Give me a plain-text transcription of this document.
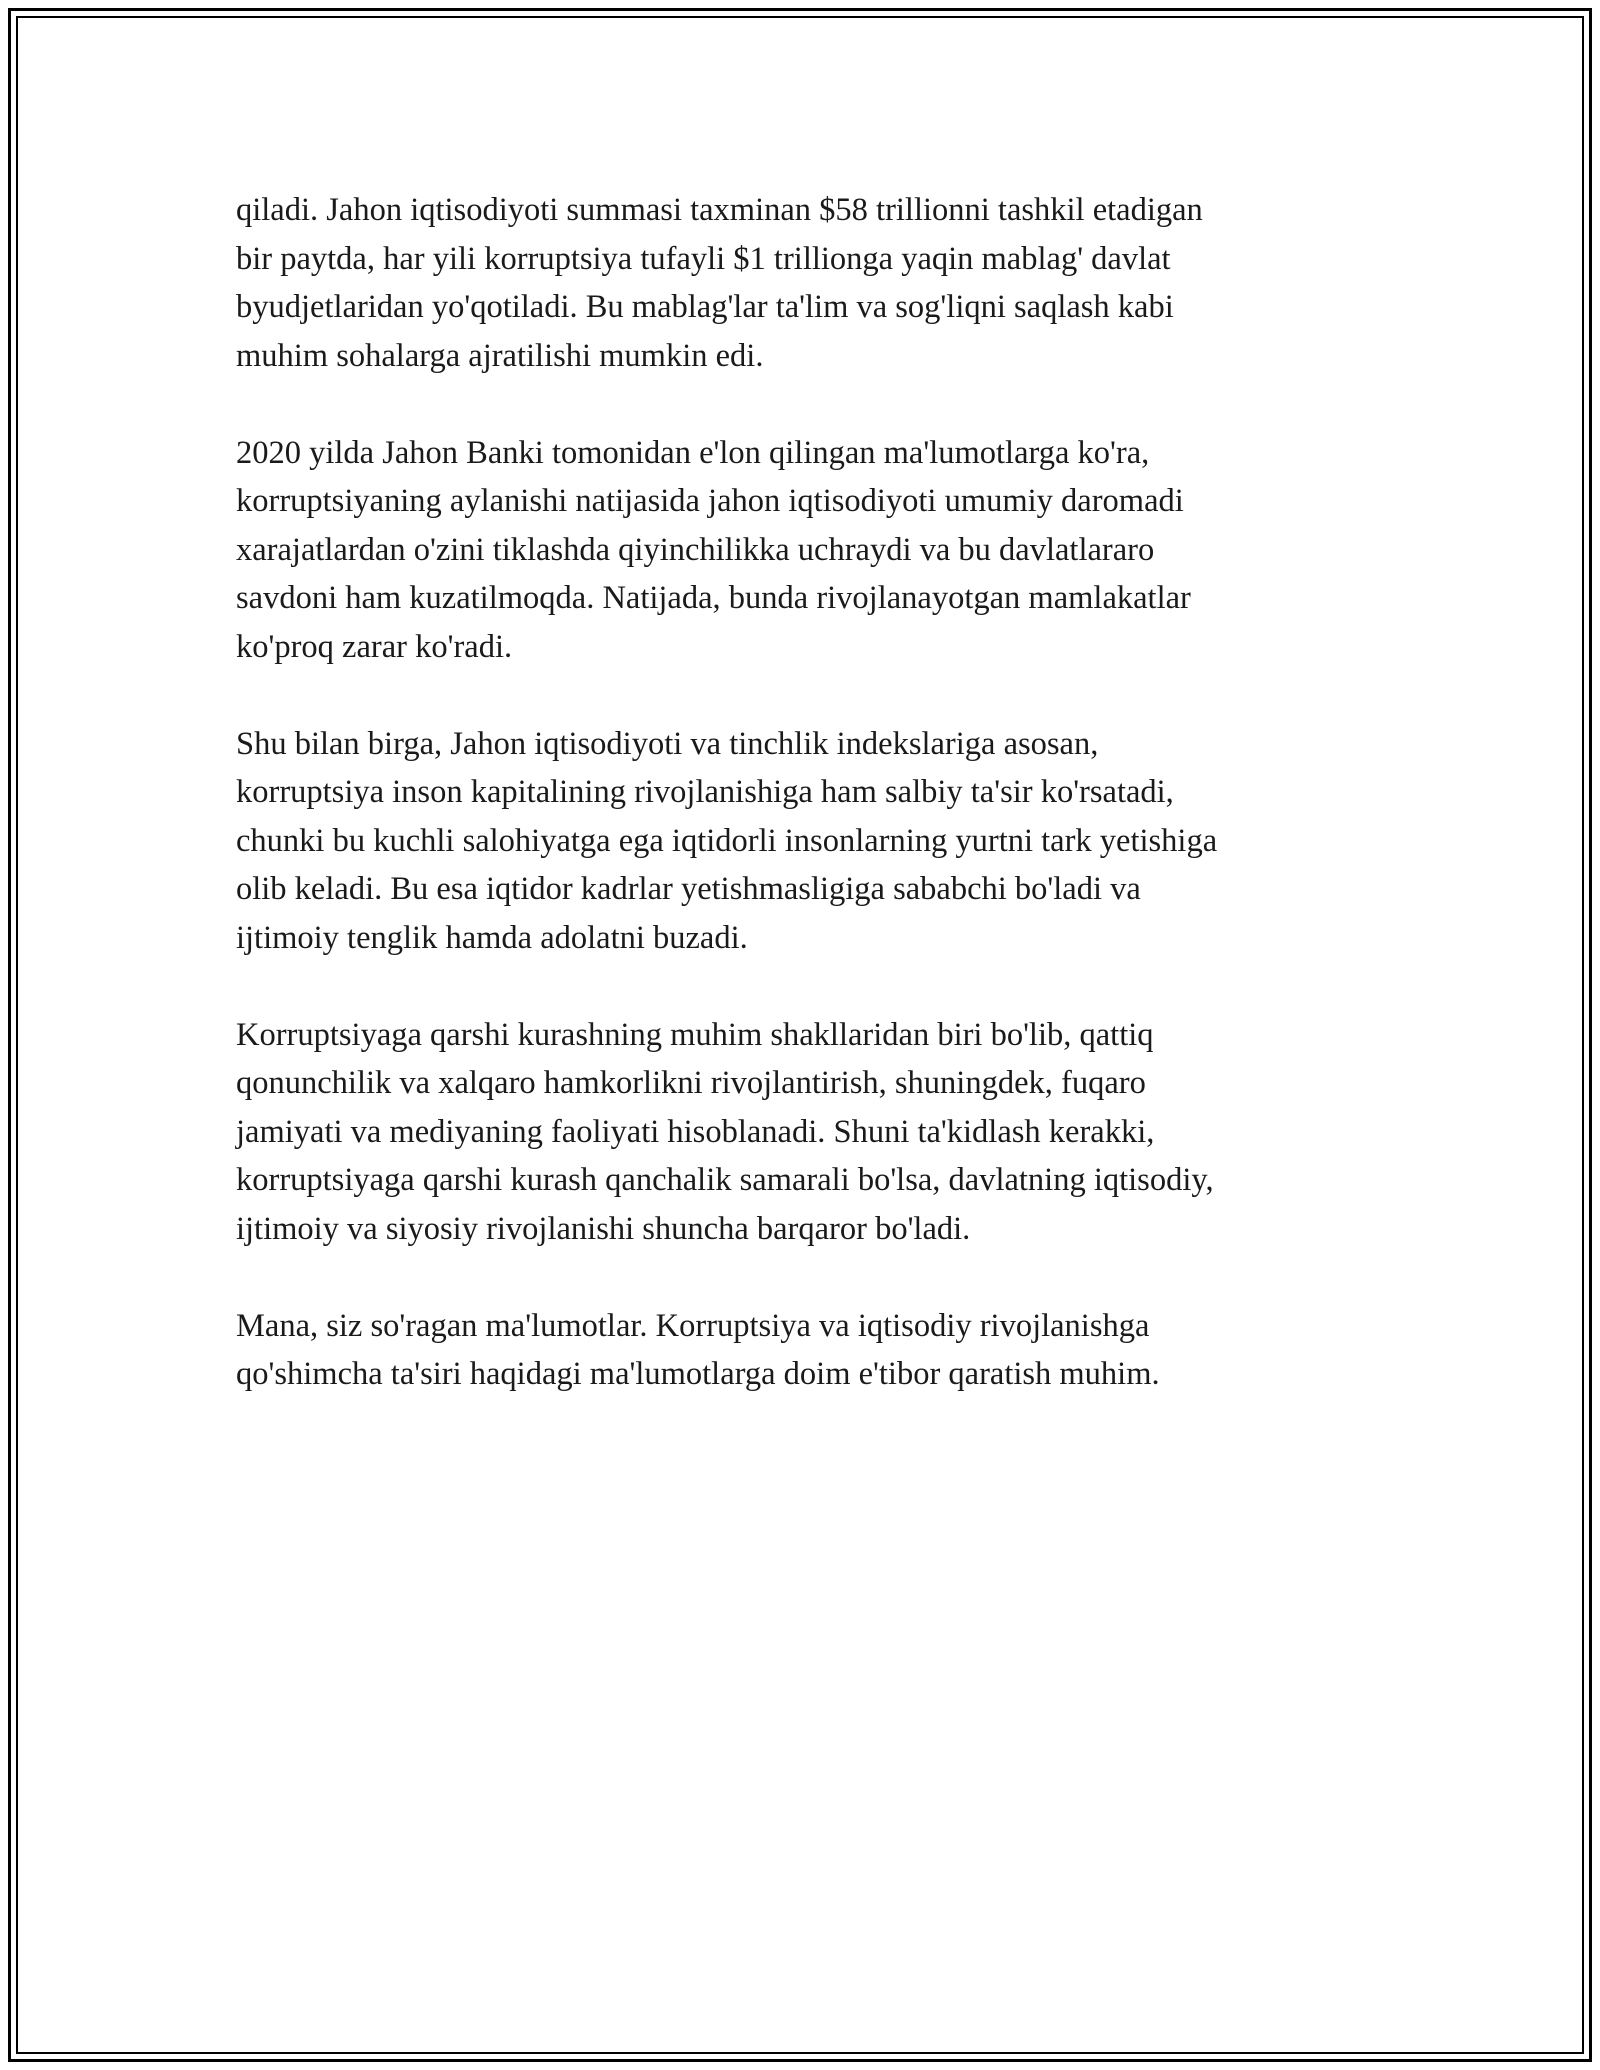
qiladi. Jahon iqtisodiyoti summasi taxminan $58 trillionni tashkil etadigan
bir paytda, har yili korruptsiya tufayli $1 trillionga yaqin mablag' davlat
byudjetlaridan yo'qotiladi. Bu mablag'lar ta'lim va sog'liqni saqlash kabi
muhim sohalarga ajratilishi mumkin edi.

2020 yilda Jahon Banki tomonidan e'lon qilingan ma'lumotlarga ko'ra,
korruptsiyaning aylanishi natijasida jahon iqtisodiyoti umumiy daromadi
xarajatlardan o'zini tiklashda qiyinchilikka uchraydi va bu davlatlararo
savdoni ham kuzatilmoqda. Natijada, bunda rivojlanayotgan mamlakatlar
ko'proq zarar ko'radi.

Shu bilan birga, Jahon iqtisodiyoti va tinchlik indekslariga asosan,
korruptsiya inson kapitalining rivojlanishiga ham salbiy ta'sir ko'rsatadi,
chunki bu kuchli salohiyatga ega iqtidorli insonlarning yurtni tark yetishiga
olib keladi. Bu esa iqtidor kadrlar yetishmasligiga sababchi bo'ladi va
ijtimoiy tenglik hamda adolatni buzadi.

Korruptsiyaga qarshi kurashning muhim shakllaridan biri bo'lib, qattiq
qonunchilik va xalqaro hamkorlikni rivojlantirish, shuningdek, fuqaro
jamiyati va mediyaning faoliyati hisoblanadi. Shuni ta'kidlash kerakki,
korruptsiyaga qarshi kurash qanchalik samarali bo'lsa, davlatning iqtisodiy,
ijtimoiy va siyosiy rivojlanishi shuncha barqaror bo'ladi.

Mana, siz so'ragan ma'lumotlar. Korruptsiya va iqtisodiy rivojlanishga
qo'shimcha ta'siri haqidagi ma'lumotlarga doim e'tibor qaratish muhim.
